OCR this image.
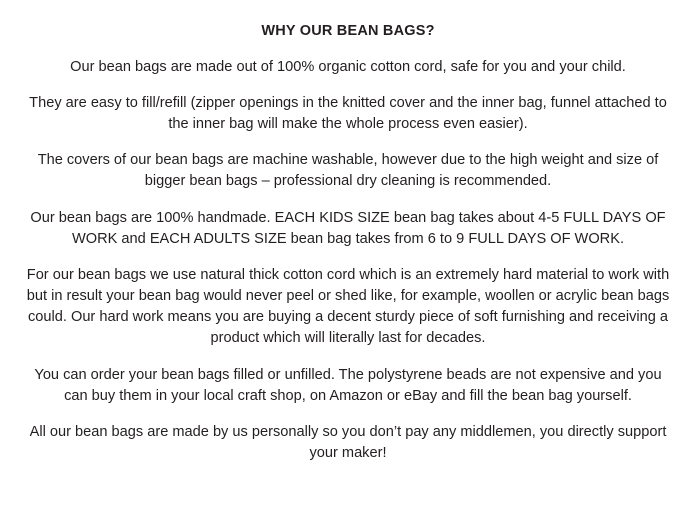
WHY OUR BEAN BAGS?

Our bean bags are made out of 100% organic cotton cord, safe for you and your child.

They are easy to fill/refill (zipper openings in the knitted cover and the inner bag, funnel attached to the inner bag will make the whole process even easier).

The covers of our bean bags are machine washable, however due to the high weight and size of bigger bean bags – professional dry cleaning is recommended.

Our bean bags are 100% handmade. EACH KIDS SIZE bean bag takes about 4-5 FULL DAYS OF WORK and EACH ADULTS SIZE bean bag takes from 6 to 9 FULL DAYS OF WORK.

For our bean bags we use natural thick cotton cord which is an extremely hard material to work with but in result your bean bag would never peel or shed like, for example, woollen or acrylic bean bags could. Our hard work means you are buying a decent sturdy piece of soft furnishing and receiving a product which will literally last for decades.

You can order your bean bags filled or unfilled. The polystyrene beads are not expensive and you can buy them in your local craft shop, on Amazon or eBay and fill the bean bag yourself.

All our bean bags are made by us personally so you don’t pay any middlemen, you directly support your maker!
